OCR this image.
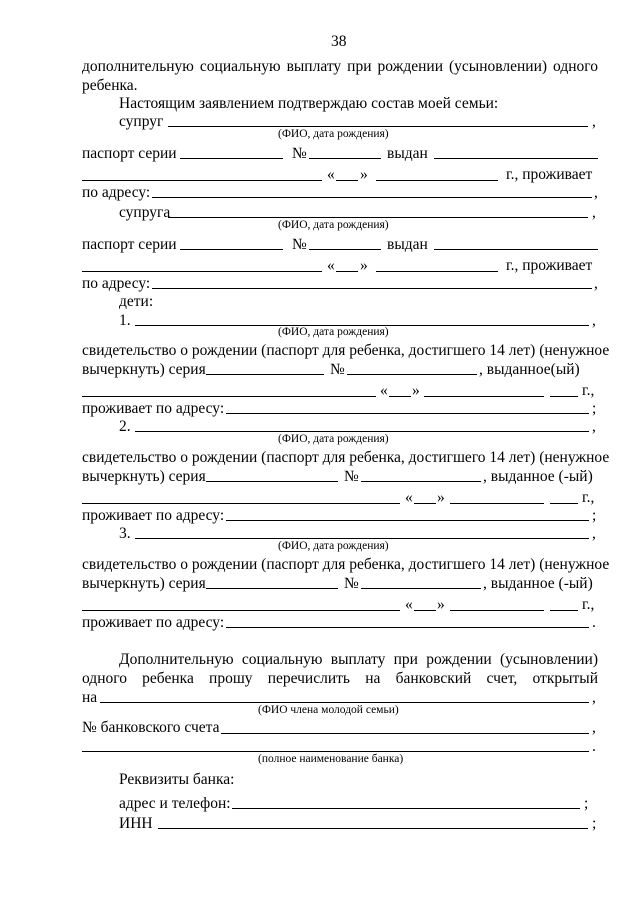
38
дополнительную социальную выплату при рождении (усыновлении) одного
ребенка.
Настоящим заявлением подтверждаю состав моей семьи:
супруг	,
(ФИО, дата рождения)
паспорт серии	№	выдан
« »	г., проживает
по адресу:	,
супруга	,
(ФИО, дата рождения)
паспорт серии	№	выдан
« »	г., проживает
по адресу:	,
дети:
1.	,
(ФИО, дата рождения)
свидетельство о рождении (паспорт для ребенка, достигшего 14 лет) (ненужное
вычеркнуть) серия	№	, выданное(ый)
« »	г.,
проживает по адресу:	;
2.	,
(ФИО, дата рождения)
свидетельство о рождении (паспорт для ребенка, достигшего 14 лет) (ненужное
вычеркнуть) серия	№	, выданное (-ый)
« »	г.,
проживает по адресу:	;
3.	,
(ФИО, дата рождения)
свидетельство о рождении (паспорт для ребенка, достигшего 14 лет) (ненужное
вычеркнуть) серия	№	, выданное (-ый)
« »	г.,
проживает по адресу:	.
Дополнительную социальную выплату при рождении (усыновлении)
одного ребенка прошу перечислить на банковский счет, открытый
на	,
(ФИО члена молодой семьи)
№ банковского счета	,
.
(полное наименование банка)
Реквизиты банка:
адрес и телефон:	;
ИНН	;
